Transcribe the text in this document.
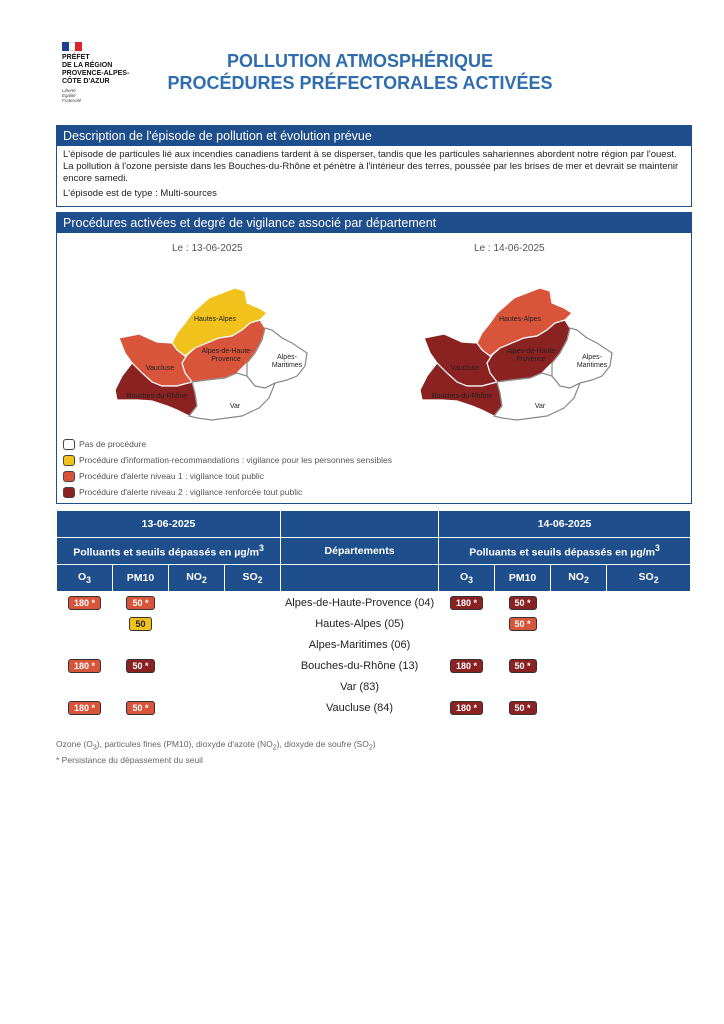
PRÉFET
DE LA RÉGION
PROVENCE-ALPES-
CÔTE D'AZUR
Liberté
Égalité
Fraternité
POLLUTION ATMOSPHÉRIQUE
PROCÉDURES PRÉFECTORALES ACTIVÉES
Description de l'épisode de pollution et évolution prévue

L'épisode de particules lié aux incendies canadiens tardent à se disperser, tandis que les particules sahariennes abordent notre région par l'ouest. La pollution à l'ozone persiste dans les Bouches-du-Rhône et pénètre à l'intérieur des terres, poussée par les brises de mer et devrait se maintenir encore samedi.

L'épisode est de type : Multi-sources

Procédures activées et degré de vigilance associé par département
Le : 13-06-2025	Le : 14-06-2025
Hautes-Alpes
Alpes-de-Haute-
Provence
Vaucluse
Bouches-du-Rhône
Var
Alpes-
Maritimes
Hautes-Alpes
Alpes-de-Haute-
Provence
Vaucluse
Bouches-du-Rhône
Var
Alpes-
Maritimes
Pas de procédure
Procédure d'information-recommandations : vigilance pour les personnes sensibles
Procédure d'alerte niveau 1 : vigilance tout public
Procédure d'alerte niveau 2 : vigilance renforcée tout public
13-06-2025					14-06-2025			
Polluants et seuils dépassés en $\mu g/m^3$				Départements	Polluants et seuils dépassés en $\mu g/m^3$
$O_3$	PM10	$NO_2$	$SO_2$		$O_3$	PM10	$NO_2$	$SO_2$
180 *	50 *			Alpes-de-Haute-Provence (04)	180 *	50 *		
	50			Hautes-Alpes (05)		50 *		
				Alpes-Maritimes (06)				
180 *	50 *			Bouches-du-Rhône (13)	180 *	50 *		
				Var (83)				
180 *	50 *			Vaucluse (84)	180 *	50 *		
Ozone $(O_3)$, particules fines (PM10), dioxyde d'azote $(NO_2)$, dioxyde de soufre $(SO_2)$
* Persistance du dépassement du seuil
